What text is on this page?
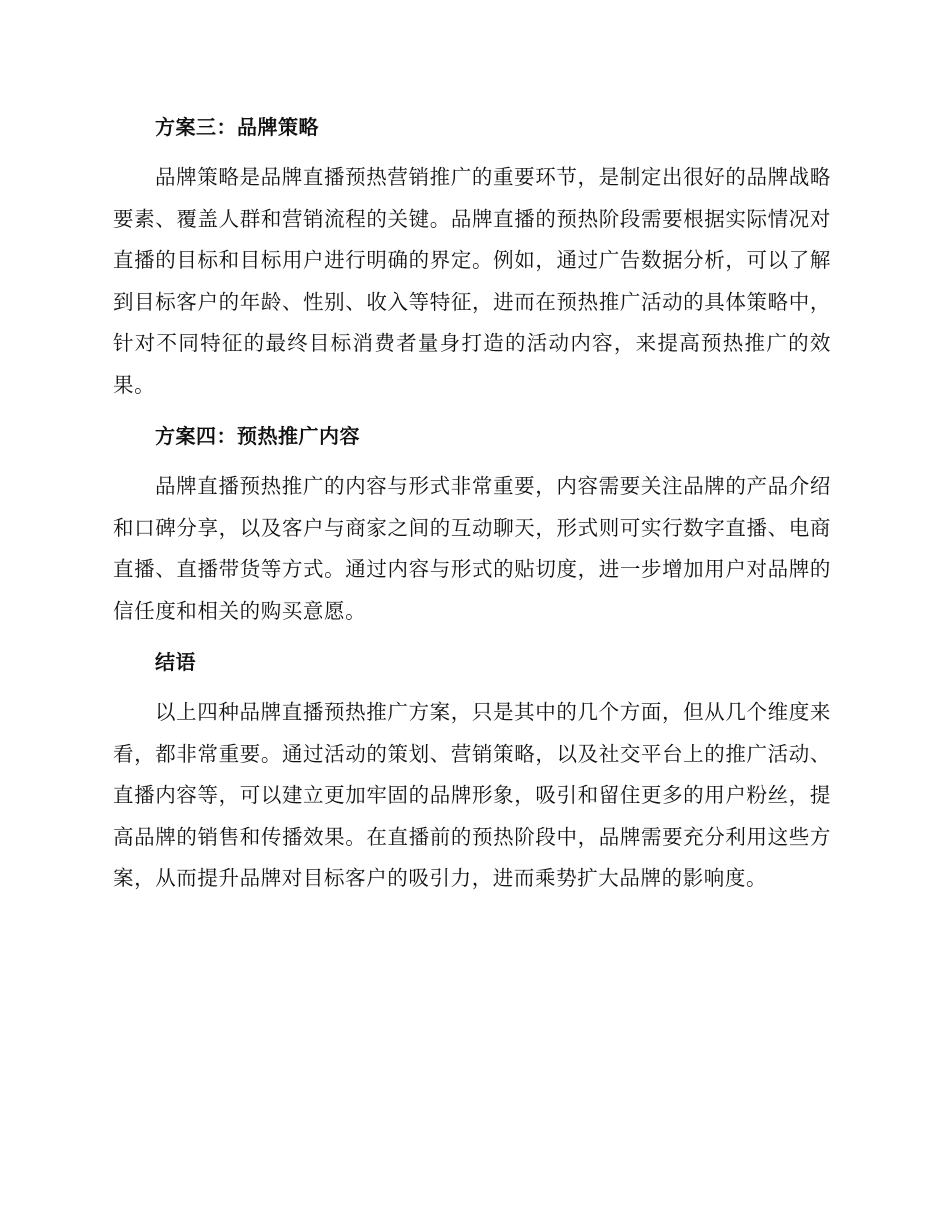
方案三：品牌策略

品牌策略是品牌直播预热营销推广的重要环节，是制定出很好的品牌战略要素、覆盖人群和营销流程的关键。品牌直播的预热阶段需要根据实际情况对直播的目标和目标用户进行明确的界定。例如，通过广告数据分析，可以了解到目标客户的年龄、性别、收入等特征，进而在预热推广活动的具体策略中，针对不同特征的最终目标消费者量身打造的活动内容，来提高预热推广的效果。

方案四：预热推广内容

品牌直播预热推广的内容与形式非常重要，内容需要关注品牌的产品介绍和口碑分享，以及客户与商家之间的互动聊天，形式则可实行数字直播、电商直播、直播带货等方式。通过内容与形式的贴切度，进一步增加用户对品牌的信任度和相关的购买意愿。

结语

以上四种品牌直播预热推广方案，只是其中的几个方面，但从几个维度来看，都非常重要。通过活动的策划、营销策略，以及社交平台上的推广活动、直播内容等，可以建立更加牢固的品牌形象，吸引和留住更多的用户粉丝，提高品牌的销售和传播效果。在直播前的预热阶段中，品牌需要充分利用这些方案，从而提升品牌对目标客户的吸引力，进而乘势扩大品牌的影响度。
